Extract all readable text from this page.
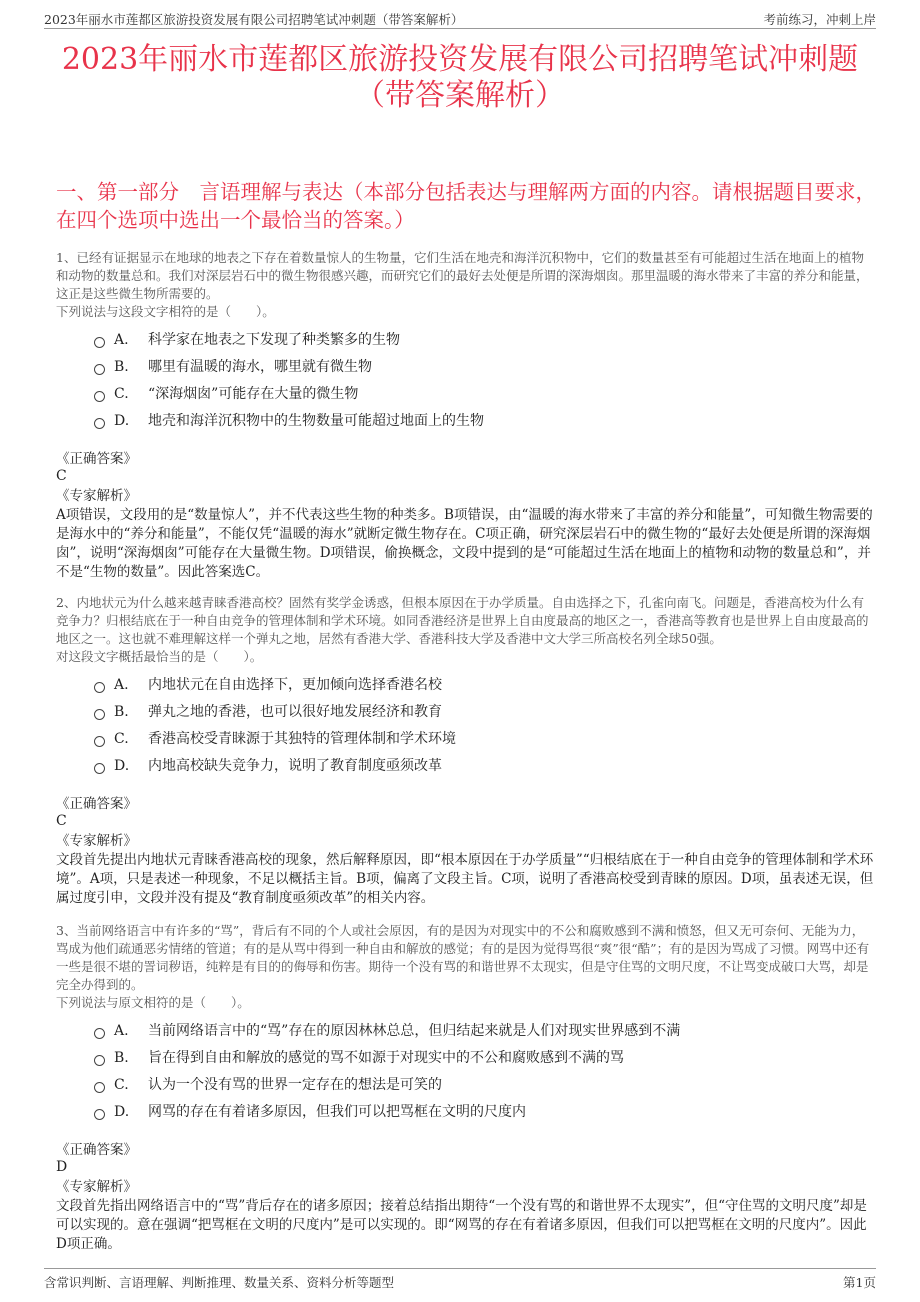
2023年丽水市莲都区旅游投资发展有限公司招聘笔试冲刺题（带答案解析）	考前练习，冲刺上岸
2023年丽水市莲都区旅游投资发展有限公司招聘笔试冲刺题
（带答案解析）
一、第一部分　言语理解与表达（本部分包括表达与理解两方面的内容。请根据题目要求，在四个选项中选出一个最恰当的答案。）

1、已经有证据显示在地球的地表之下存在着数量惊人的生物量，它们生活在地壳和海洋沉积物中，它们的数量甚至有可能超过生活在地面上的植物和动物的数量总和。我们对深层岩石中的微生物很感兴趣，而研究它们的最好去处便是所谓的深海烟囱。那里温暖的海水带来了丰富的养分和能量，这正是这些微生物所需要的。

下列说法与这段文字相符的是（　　）。

A.	科学家在地表之下发现了种类繁多的生物
B.	哪里有温暖的海水，哪里就有微生物
C.	“深海烟囱”可能存在大量的微生物
D.	地壳和海洋沉积物中的生物数量可能超过地面上的生物
《正确答案》
C
《专家解析》

A项错误，文段用的是“数量惊人”，并不代表这些生物的种类多。B项错误，由“温暖的海水带来了丰富的养分和能量”，可知微生物需要的是海水中的“养分和能量”，不能仅凭“温暖的海水”就断定微生物存在。C项正确，研究深层岩石中的微生物的“最好去处便是所谓的深海烟囱”，说明“深海烟囱”可能存在大量微生物。D项错误，偷换概念，文段中提到的是“可能超过生活在地面上的植物和动物的数量总和”，并不是“生物的数量”。因此答案选C。

2、内地状元为什么越来越青睐香港高校？固然有奖学金诱惑，但根本原因在于办学质量。自由选择之下，孔雀向南飞。问题是，香港高校为什么有竞争力？归根结底在于一种自由竞争的管理体制和学术环境。如同香港经济是世界上自由度最高的地区之一，香港高等教育也是世界上自由度最高的地区之一。这也就不难理解这样一个弹丸之地，居然有香港大学、香港科技大学及香港中文大学三所高校名列全球50强。

对这段文字概括最恰当的是（　　）。

A.	内地状元在自由选择下，更加倾向选择香港名校
B.	弹丸之地的香港，也可以很好地发展经济和教育
C.	香港高校受青睐源于其独特的管理体制和学术环境
D.	内地高校缺失竞争力，说明了教育制度亟须改革
《正确答案》
C
《专家解析》

文段首先提出内地状元青睐香港高校的现象，然后解释原因，即“根本原因在于办学质量”“归根结底在于一种自由竞争的管理体制和学术环境”。A项，只是表述一种现象，不足以概括主旨。B项，偏离了文段主旨。C项，说明了香港高校受到青睐的原因。D项，虽表述无误，但属过度引申，文段并没有提及“教育制度亟须改革”的相关内容。

3、当前网络语言中有许多的“骂”，背后有不同的个人或社会原因，有的是因为对现实中的不公和腐败感到不满和愤怒，但又无可奈何、无能为力，骂成为他们疏通恶劣情绪的管道；有的是从骂中得到一种自由和解放的感觉；有的是因为觉得骂很“爽”很“酷”；有的是因为骂成了习惯。网骂中还有一些是很不堪的詈词秽语，纯粹是有目的的侮辱和伤害。期待一个没有骂的和谐世界不太现实，但是守住骂的文明尺度，不让骂变成破口大骂，却是完全办得到的。

下列说法与原文相符的是（　　）。

A.	当前网络语言中的“骂”存在的原因林林总总，但归结起来就是人们对现实世界感到不满
B.	旨在得到自由和解放的感觉的骂不如源于对现实中的不公和腐败感到不满的骂
C.	认为一个没有骂的世界一定存在的想法是可笑的
D.	网骂的存在有着诸多原因，但我们可以把骂框在文明的尺度内
《正确答案》
D
《专家解析》

文段首先指出网络语言中的“骂”背后存在的诸多原因；接着总结指出期待“一个没有骂的和谐世界不太现实”，但“守住骂的文明尺度”却是可以实现的。意在强调“把骂框在文明的尺度内”是可以实现的。即“网骂的存在有着诸多原因，但我们可以把骂框在文明的尺度内”。因此D项正确。

含常识判断、言语理解、判断推理、数量关系、资料分析等题型	第1页
